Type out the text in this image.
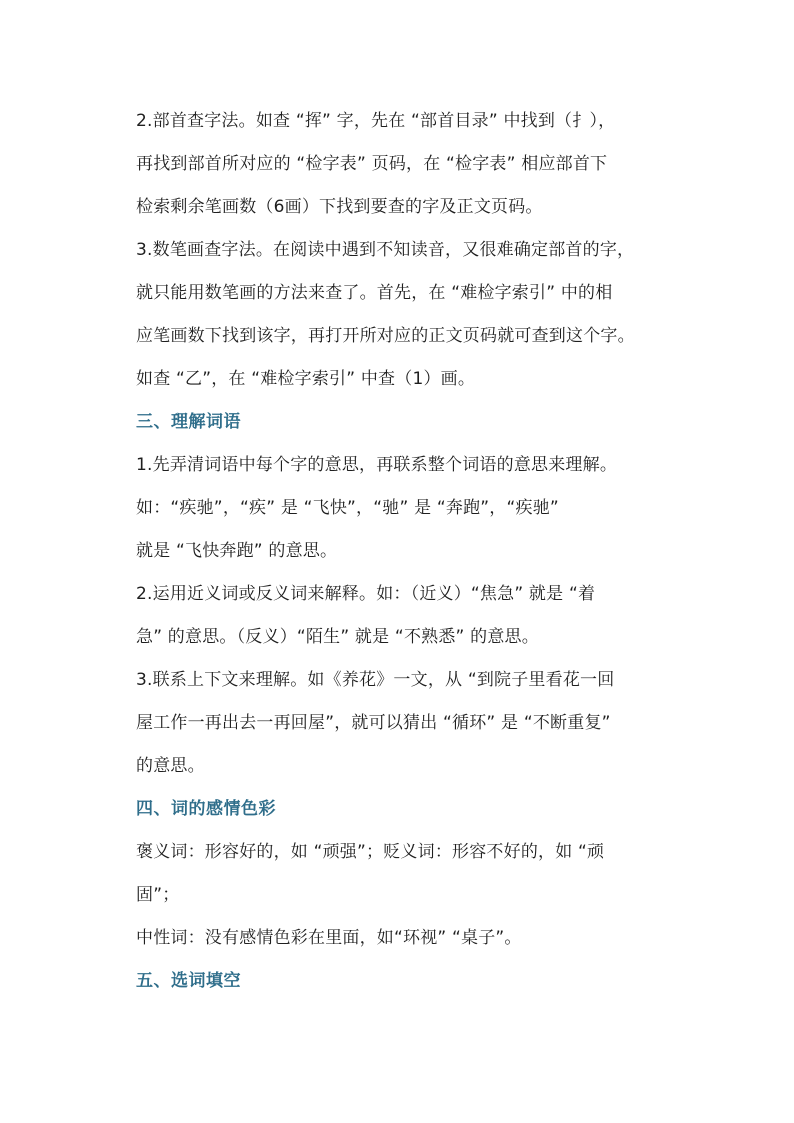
2.部首查字法。如查 “挥” 字，先在 “部首目录” 中找到（扌），
再找到部首所对应的 “检字表” 页码，在 “检字表” 相应部首下
检索剩余笔画数（6画）下找到要查的字及正文页码。

3.数笔画查字法。在阅读中遇到不知读音，又很难确定部首的字，
就只能用数笔画的方法来查了。首先，在 “难检字索引” 中的相
应笔画数下找到该字，再打开所对应的正文页码就可查到这个字。
如查 “乙”，在 “难检字索引” 中查（1）画。

三、理解词语

1.先弄清词语中每个字的意思，再联系整个词语的意思来理解。

如：“疾驰”，“疾” 是 “飞快”，“驰” 是 “奔跑”，“疾驰”
就是 “飞快奔跑” 的意思。

2.运用近义词或反义词来解释。如：（近义）“焦急” 就是 “着
急” 的意思。（反义）“陌生” 就是 “不熟悉” 的意思。

3.联系上下文来理解。如《养花》一文，从 “到院子里看花一回
屋工作一再出去一再回屋”，就可以猜出 “循环” 是 “不断重复”
的意思。

四、词的感情色彩

褒义词：形容好的，如 “顽强”；贬义词：形容不好的，如 “顽
固”；

中性词：没有感情色彩在里面，如“环视” “桌子”。

五、选词填空
